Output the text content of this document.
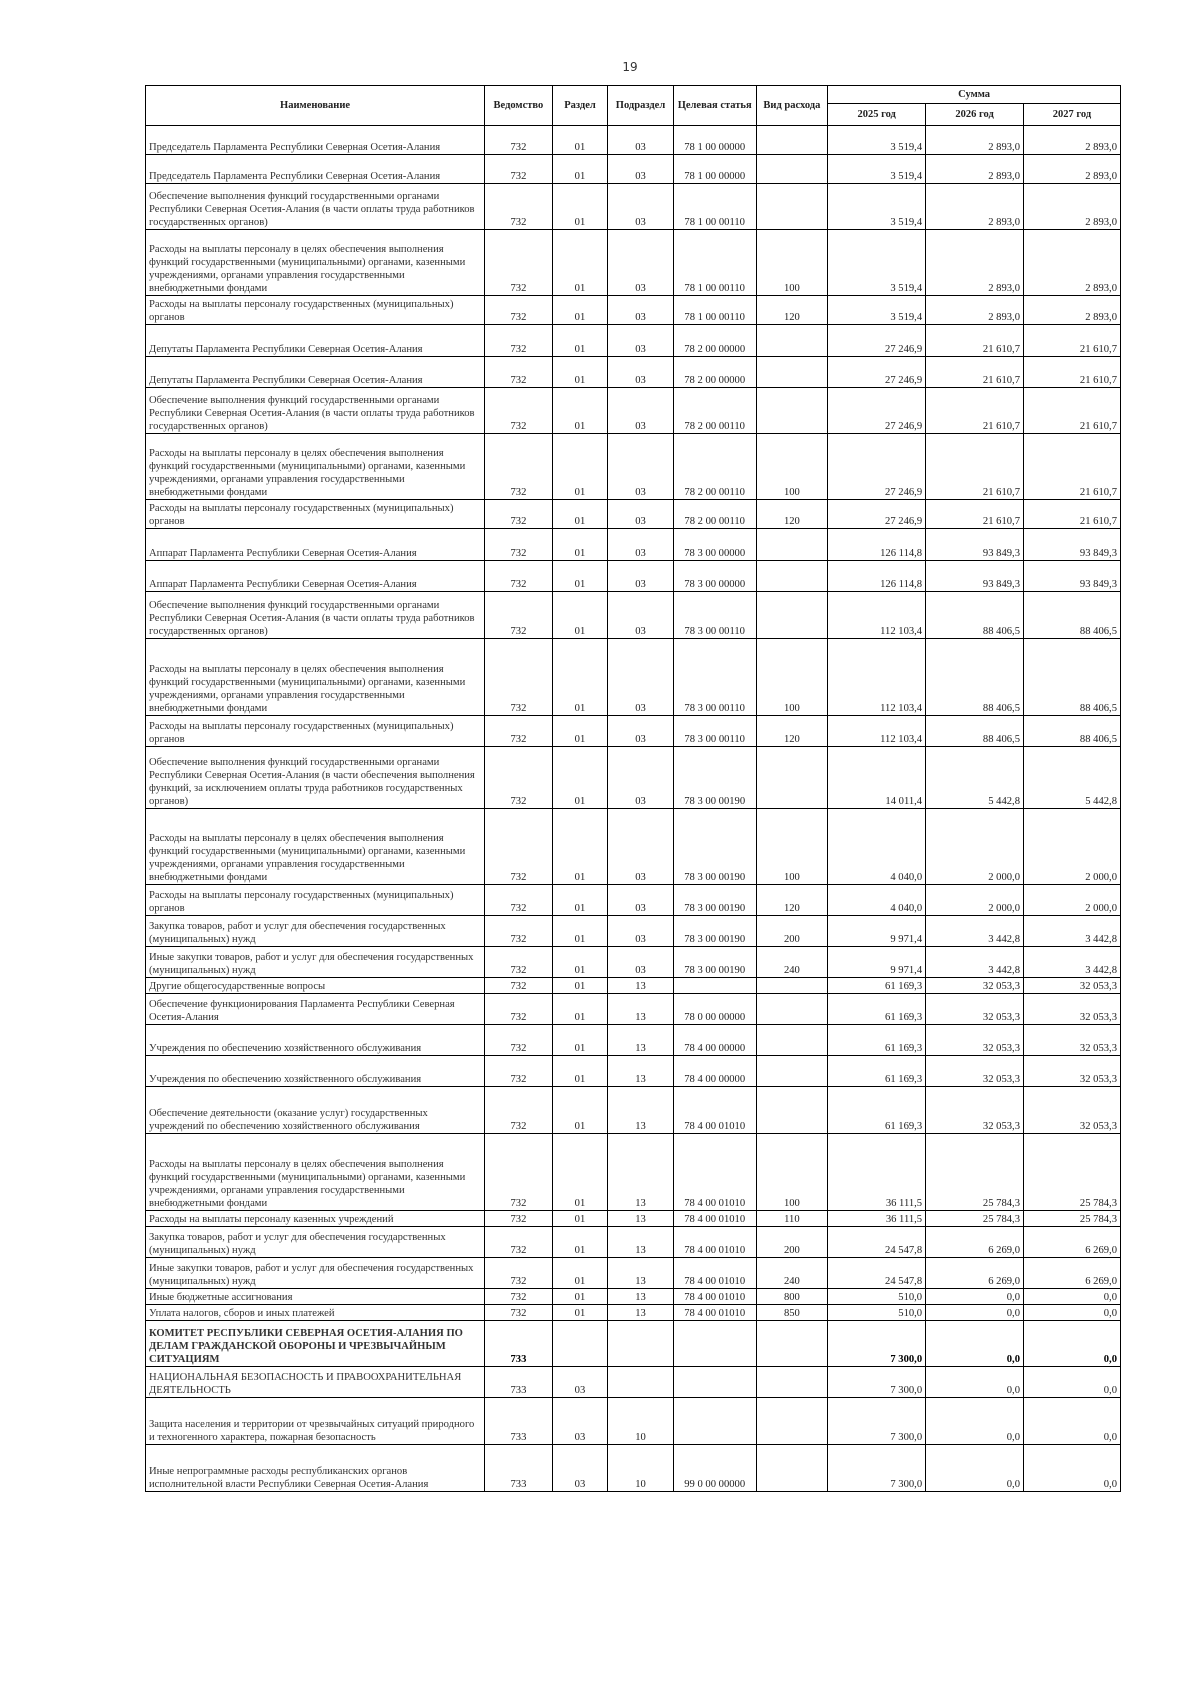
19
Наименование	Ведомство	Раздел	Подраздел	Целевая статья	Вид расхода	Сумма		
						2025 год	2026 год	2027 год
Председатель Парламента Республики Северная Осетия-Алания	732	01	03	78 1 00 00000		3 519,4	2 893,0	2 893,0
Председатель Парламента Республики Северная Осетия-Алания	732	01	03	78 1 00 00000		3 519,4	2 893,0	2 893,0
Обеспечение выполнения функций государственными органами Республики Северная Осетия-Алания (в части оплаты труда работников государственных органов)	732	01	03	78 1 00 00110		3 519,4	2 893,0	2 893,0
Расходы на выплаты персоналу в целях обеспечения выполнения функций государственными (муниципальными) органами, казенными учреждениями, органами управления государственными внебюджетными фондами	732	01	03	78 1 00 00110	100	3 519,4	2 893,0	2 893,0
Расходы на выплаты персоналу государственных (муниципальных) органов	732	01	03	78 1 00 00110	120	3 519,4	2 893,0	2 893,0
Депутаты Парламента Республики Северная Осетия-Алания	732	01	03	78 2 00 00000		27 246,9	21 610,7	21 610,7
Депутаты Парламента Республики Северная Осетия-Алания	732	01	03	78 2 00 00000		27 246,9	21 610,7	21 610,7
Обеспечение выполнения функций государственными органами Республики Северная Осетия-Алания (в части оплаты труда работников государственных органов)	732	01	03	78 2 00 00110		27 246,9	21 610,7	21 610,7
Расходы на выплаты персоналу в целях обеспечения выполнения функций государственными (муниципальными) органами, казенными учреждениями, органами управления государственными внебюджетными фондами	732	01	03	78 2 00 00110	100	27 246,9	21 610,7	21 610,7
Расходы на выплаты персоналу государственных (муниципальных) органов	732	01	03	78 2 00 00110	120	27 246,9	21 610,7	21 610,7
Аппарат Парламента Республики Северная Осетия-Алания	732	01	03	78 3 00 00000		126 114,8	93 849,3	93 849,3
Аппарат Парламента Республики Северная Осетия-Алания	732	01	03	78 3 00 00000		126 114,8	93 849,3	93 849,3
Обеспечение выполнения функций государственными органами Республики Северная Осетия-Алания (в части оплаты труда работников государственных органов)	732	01	03	78 3 00 00110		112 103,4	88 406,5	88 406,5
Расходы на выплаты персоналу в целях обеспечения выполнения функций государственными (муниципальными) органами, казенными учреждениями, органами управления государственными внебюджетными фондами	732	01	03	78 3 00 00110	100	112 103,4	88 406,5	88 406,5
Расходы на выплаты персоналу государственных (муниципальных) органов	732	01	03	78 3 00 00110	120	112 103,4	88 406,5	88 406,5
Обеспечение выполнения функций государственными органами Республики Северная Осетия-Алания (в части обеспечения выполнения функций, за исключением оплаты труда работников государственных органов)	732	01	03	78 3 00 00190		14 011,4	5 442,8	5 442,8
Расходы на выплаты персоналу в целях обеспечения выполнения функций государственными (муниципальными) органами, казенными учреждениями, органами управления государственными внебюджетными фондами	732	01	03	78 3 00 00190	100	4 040,0	2 000,0	2 000,0
Расходы на выплаты персоналу государственных (муниципальных) органов	732	01	03	78 3 00 00190	120	4 040,0	2 000,0	2 000,0
Закупка товаров, работ и услуг для обеспечения государственных (муниципальных) нужд	732	01	03	78 3 00 00190	200	9 971,4	3 442,8	3 442,8
Иные закупки товаров, работ и услуг для обеспечения государственных (муниципальных) нужд	732	01	03	78 3 00 00190	240	9 971,4	3 442,8	3 442,8
Другие общегосударственные вопросы	732	01	13			61 169,3	32 053,3	32 053,3
Обеспечение функционирования Парламента Республики Северная Осетия-Алания	732	01	13	78 0 00 00000		61 169,3	32 053,3	32 053,3
Учреждения по обеспечению хозяйственного обслуживания	732	01	13	78 4 00 00000		61 169,3	32 053,3	32 053,3
Учреждения по обеспечению хозяйственного обслуживания	732	01	13	78 4 00 00000		61 169,3	32 053,3	32 053,3
Обеспечение деятельности (оказание услуг) государственных учреждений по обеспечению хозяйственного обслуживания	732	01	13	78 4 00 01010		61 169,3	32 053,3	32 053,3
Расходы на выплаты персоналу в целях обеспечения выполнения функций государственными (муниципальными) органами, казенными учреждениями, органами управления государственными внебюджетными фондами	732	01	13	78 4 00 01010	100	36 111,5	25 784,3	25 784,3
Расходы на выплаты персоналу казенных учреждений	732	01	13	78 4 00 01010	110	36 111,5	25 784,3	25 784,3
Закупка товаров, работ и услуг для обеспечения государственных (муниципальных) нужд	732	01	13	78 4 00 01010	200	24 547,8	6 269,0	6 269,0
Иные закупки товаров, работ и услуг для обеспечения государственных (муниципальных) нужд	732	01	13	78 4 00 01010	240	24 547,8	6 269,0	6 269,0
Иные бюджетные ассигнования	732	01	13	78 4 00 01010	800	510,0	0,0	0,0
Уплата налогов, сборов и иных платежей	732	01	13	78 4 00 01010	850	510,0	0,0	0,0
КОМИТЕТ РЕСПУБЛИКИ СЕВЕРНАЯ ОСЕТИЯ-АЛАНИЯ ПО ДЕЛАМ ГРАЖДАНСКОЙ ОБОРОНЫ И ЧРЕЗВЫЧАЙНЫМ СИТУАЦИЯМ	733					7 300,0	0,0	0,0
НАЦИОНАЛЬНАЯ БЕЗОПАСНОСТЬ И ПРАВООХРАНИТЕЛЬНАЯ ДЕЯТЕЛЬНОСТЬ	733	03				7 300,0	0,0	0,0
Защита населения и территории от чрезвычайных ситуаций природного и техногенного характера, пожарная безопасность	733	03	10			7 300,0	0,0	0,0
Иные непрограммные расходы республиканских органов исполнительной власти Республики Северная Осетия-Алания	733	03	10	99 0 00 00000		7 300,0	0,0	0,0
